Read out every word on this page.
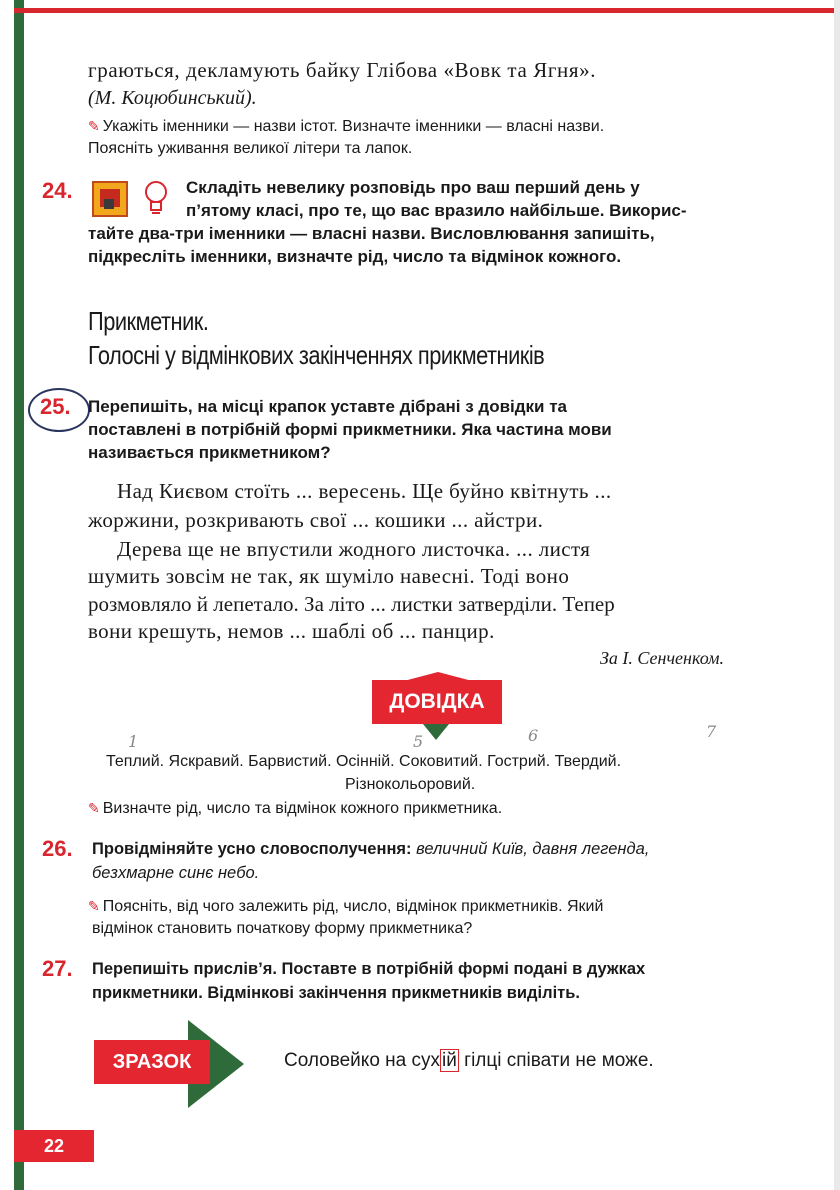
граються, декламують байку Глібова «Вовк та Ягня».
(М. Коцюбинський).
✎ Укажіть іменники — назви істот. Визначте іменники — власні назви.
Поясніть уживання великої літери та лапок.
24.	Складіть невелику розповідь про ваш перший день у
п’ятому класі, про те, що вас вразило найбільше. Викорис-
тайте два-три іменники — власні назви. Висловлювання запишіть,
підкресліть іменники, визначте рід, число та відмінок кожного.
Прикметник.
Голосні у відмінкових закінченнях прикметників
25. Перепишіть, на місці крапок уставте дібрані з довідки та
поставлені в потрібній формі прикметники. Яка частина мови
називається прикметником?
Над Києвом стоїть ... вересень. Ще буйно квітнуть ...
жоржини, розкривають свої ... кошики ... айстри.
Дерева ще не впустили жодного листочка. ... листя
шумить зовсім не так, як шуміло навесні. Тоді воно
розмовляло й лепетало. За літо ... листки затверділи. Тепер
вони крешуть, немов ... шаблі об ... панцир.
За І. Сенченком.
ДОВІДКА
1	5	6	7
Теплий. Яскравий. Барвистий. Осінній. Соковитий. Гострий. Твердий.
Різнокольоровий.
✎ Визначте рід, число та відмінок кожного прикметника.
26. Провідміняйте усно словосполучення: величний Київ, давня легенда,
безхмарне синє небо.
✎ Поясніть, від чого залежить рід, число, відмінок прикметників. Який
відмінок становить початкову форму прикметника?
27. Перепишіть прислів’я. Поставте в потрібній формі подані в дужках
прикметники. Відмінкові закінчення прикметників виділіть.
ЗРАЗОК	Соловейко на сух ій гілці співати не може.
22
